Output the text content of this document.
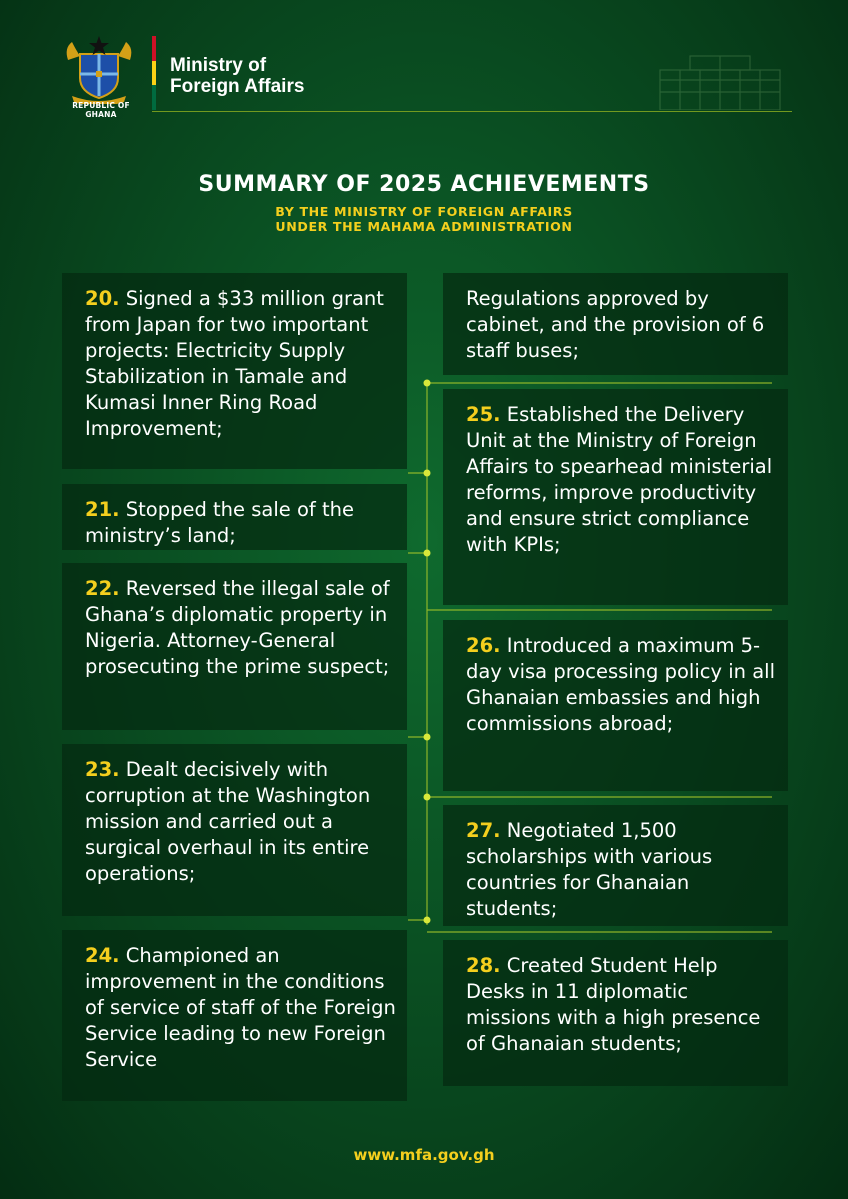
REPUBLIC OF GHANA
Ministry of
Foreign Affairs
SUMMARY OF 2025 ACHIEVEMENTS
BY THE MINISTRY OF FOREIGN AFFAIRS
UNDER THE MAHAMA ADMINISTRATION
20. Signed a $33 million grant from Japan for two important projects: Electricity Supply Stabilization in Tamale and Kumasi Inner Ring Road Improvement;
21. Stopped the sale of the ministry’s land;
22. Reversed the illegal sale of Ghana’s diplomatic property in Nigeria. Attorney-General prosecuting the prime suspect;
23. Dealt decisively with corruption at the Washington mission and carried out a surgical overhaul in its entire operations;
24. Championed an improvement in the conditions of service of staff of the Foreign Service leading to new Foreign Service
Regulations approved by cabinet, and the provision of 6 staff buses;
25. Established the Delivery Unit at the Ministry of Foreign Affairs to spearhead ministerial reforms, improve productivity and ensure strict compliance with KPIs;
26. Introduced a maximum 5-day visa processing policy in all Ghanaian embassies and high commissions abroad;
27. Negotiated 1,500 scholarships with various countries for Ghanaian students;
28. Created Student Help Desks in 11 diplomatic missions with a high presence of Ghanaian students;
www.mfa.gov.gh
